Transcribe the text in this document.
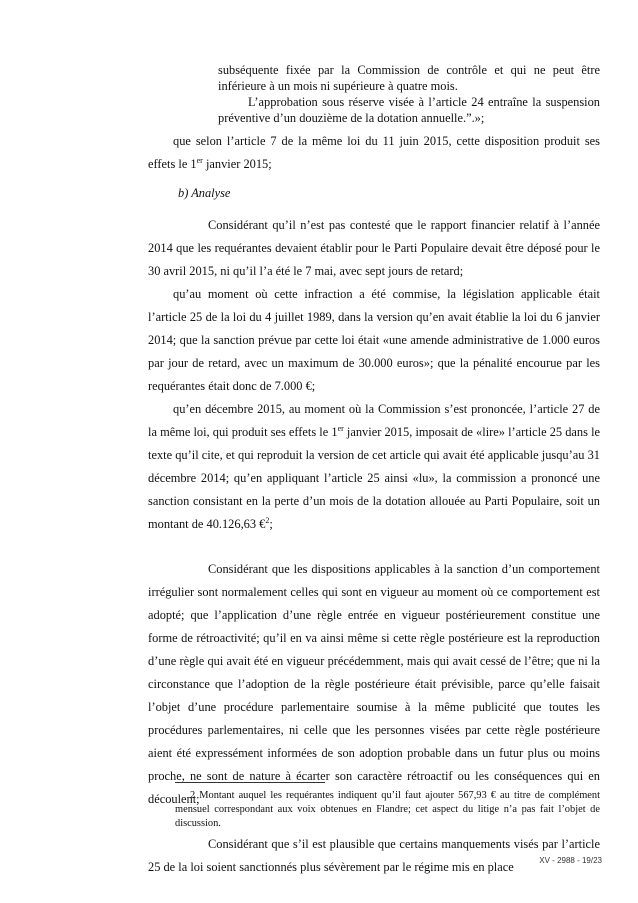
subséquente fixée par la Commission de contrôle et qui ne peut être inférieure à un mois ni supérieure à quatre mois.

L’approbation sous réserve visée à l’article 24 entraîne la suspension préventive d’un douzième de la dotation annuelle.”.»;

que selon l’article 7 de la même loi du 11 juin 2015, cette disposition produit ses effets le 1er janvier 2015;

b) Analyse

Considérant qu’il n’est pas contesté que le rapport financier relatif à l’année 2014 que les requérantes devaient établir pour le Parti Populaire devait être déposé pour le 30 avril 2015, ni qu’il l’a été le 7 mai, avec sept jours de retard;

qu’au moment où cette infraction a été commise, la législation applicable était l’article 25 de la loi du 4 juillet 1989, dans la version qu’en avait établie la loi du 6 janvier 2014; que la sanction prévue par cette loi était «une amende administrative de 1.000 euros par jour de retard, avec un maximum de 30.000 euros»; que la pénalité encourue par les requérantes était donc de 7.000 €;

qu’en décembre 2015, au moment où la Commission s’est prononcée, l’article 27 de la même loi, qui produit ses effets le 1er janvier 2015, imposait de «lire» l’article 25 dans le texte qu’il cite, et qui reproduit la version de cet article qui avait été applicable jusqu’au 31 décembre 2014; qu’en appliquant l’article 25 ainsi «lu», la commission a prononcé une sanction consistant en la perte d’un mois de la dotation allouée au Parti Populaire, soit un montant de 40.126,63 €$^2$;

Considérant que les dispositions applicables à la sanction d’un comportement irrégulier sont normalement celles qui sont en vigueur au moment où ce comportement est adopté; que l’application d’une règle entrée en vigueur postérieurement constitue une forme de rétroactivité; qu’il en va ainsi même si cette règle postérieure est la reproduction d’une règle qui avait été en vigueur précédemment, mais qui avait cessé de l’être; que ni la circonstance que l’adoption de la règle postérieure était prévisible, parce qu’elle faisait l’objet d’une procédure parlementaire soumise à la même publicité que toutes les procédures parlementaires, ni celle que les personnes visées par cette règle postérieure aient été expressément informées de son adoption probable dans un futur plus ou moins proche, ne sont de nature à écarter son caractère rétroactif ou les conséquences qui en découlent;

Considérant que s’il est plausible que certains manquements visés par l’article 25 de la loi soient sanctionnés plus sévèrement par le régime mis en place

2 Montant auquel les requérantes indiquent qu’il faut ajouter 567,93 € au titre de complément mensuel correspondant aux voix obtenues en Flandre; cet aspect du litige n’a pas fait l’objet de discussion.
XV - 2988 - 19/23
